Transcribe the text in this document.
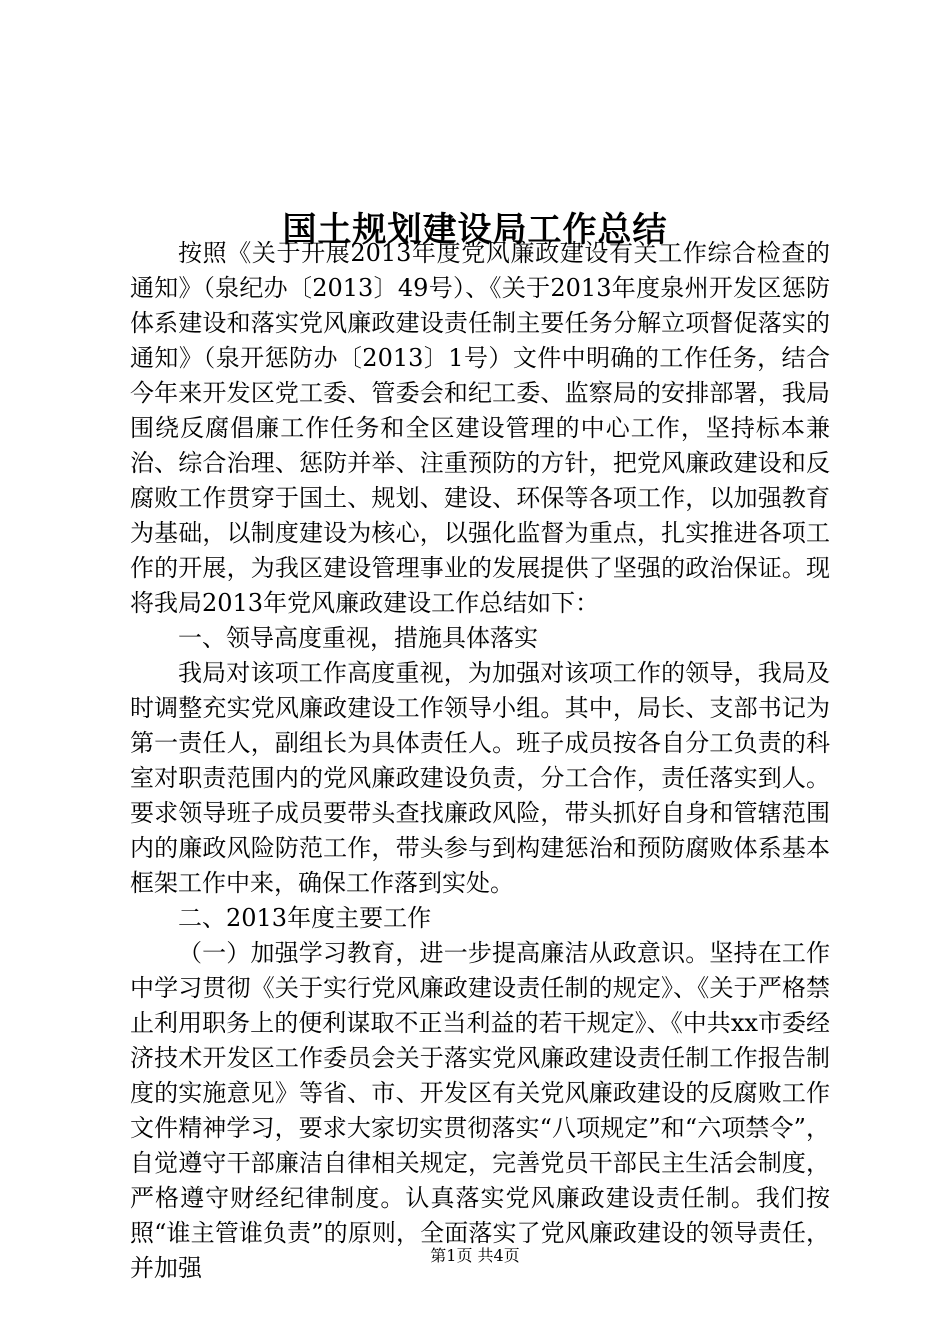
国土规划建设局工作总结

按照《关于开展2013年度党风廉政建设有关工作综合检查的通知》（泉纪办〔2013〕49号）、《关于2013年度泉州开发区惩防体系建设和落实党风廉政建设责任制主要任务分解立项督促落实的通知》（泉开惩防办〔2013〕1号）文件中明确的工作任务，结合今年来开发区党工委、管委会和纪工委、监察局的安排部署，我局围绕反腐倡廉工作任务和全区建设管理的中心工作，坚持标本兼治、综合治理、惩防并举、注重预防的方针，把党风廉政建设和反腐败工作贯穿于国土、规划、建设、环保等各项工作，以加强教育为基础，以制度建设为核心，以强化监督为重点，扎实推进各项工作的开展，为我区建设管理事业的发展提供了坚强的政治保证。现将我局2013年党风廉政建设工作总结如下：

一、领导高度重视，措施具体落实

我局对该项工作高度重视，为加强对该项工作的领导，我局及时调整充实党风廉政建设工作领导小组。其中，局长、支部书记为第一责任人，副组长为具体责任人。班子成员按各自分工负责的科室对职责范围内的党风廉政建设负责，分工合作，责任落实到人。要求领导班子成员要带头查找廉政风险，带头抓好自身和管辖范围内的廉政风险防范工作，带头参与到构建惩治和预防腐败体系基本框架工作中来，确保工作落到实处。

二、2013年度主要工作

（一）加强学习教育，进一步提高廉洁从政意识。坚持在工作中学习贯彻《关于实行党风廉政建设责任制的规定》、《关于严格禁止利用职务上的便利谋取不正当利益的若干规定》、《中共xx市委经济技术开发区工作委员会关于落实党风廉政建设责任制工作报告制度的实施意见》等省、市、开发区有关党风廉政建设的反腐败工作文件精神学习，要求大家切实贯彻落实“八项规定”和“六项禁令”，自觉遵守干部廉洁自律相关规定，完善党员干部民主生活会制度，严格遵守财经纪律制度。认真落实党风廉政建设责任制。我们按照“谁主管谁负责”的原则，全面落实了党风廉政建设的领导责任，并加强	第1页 共4页
